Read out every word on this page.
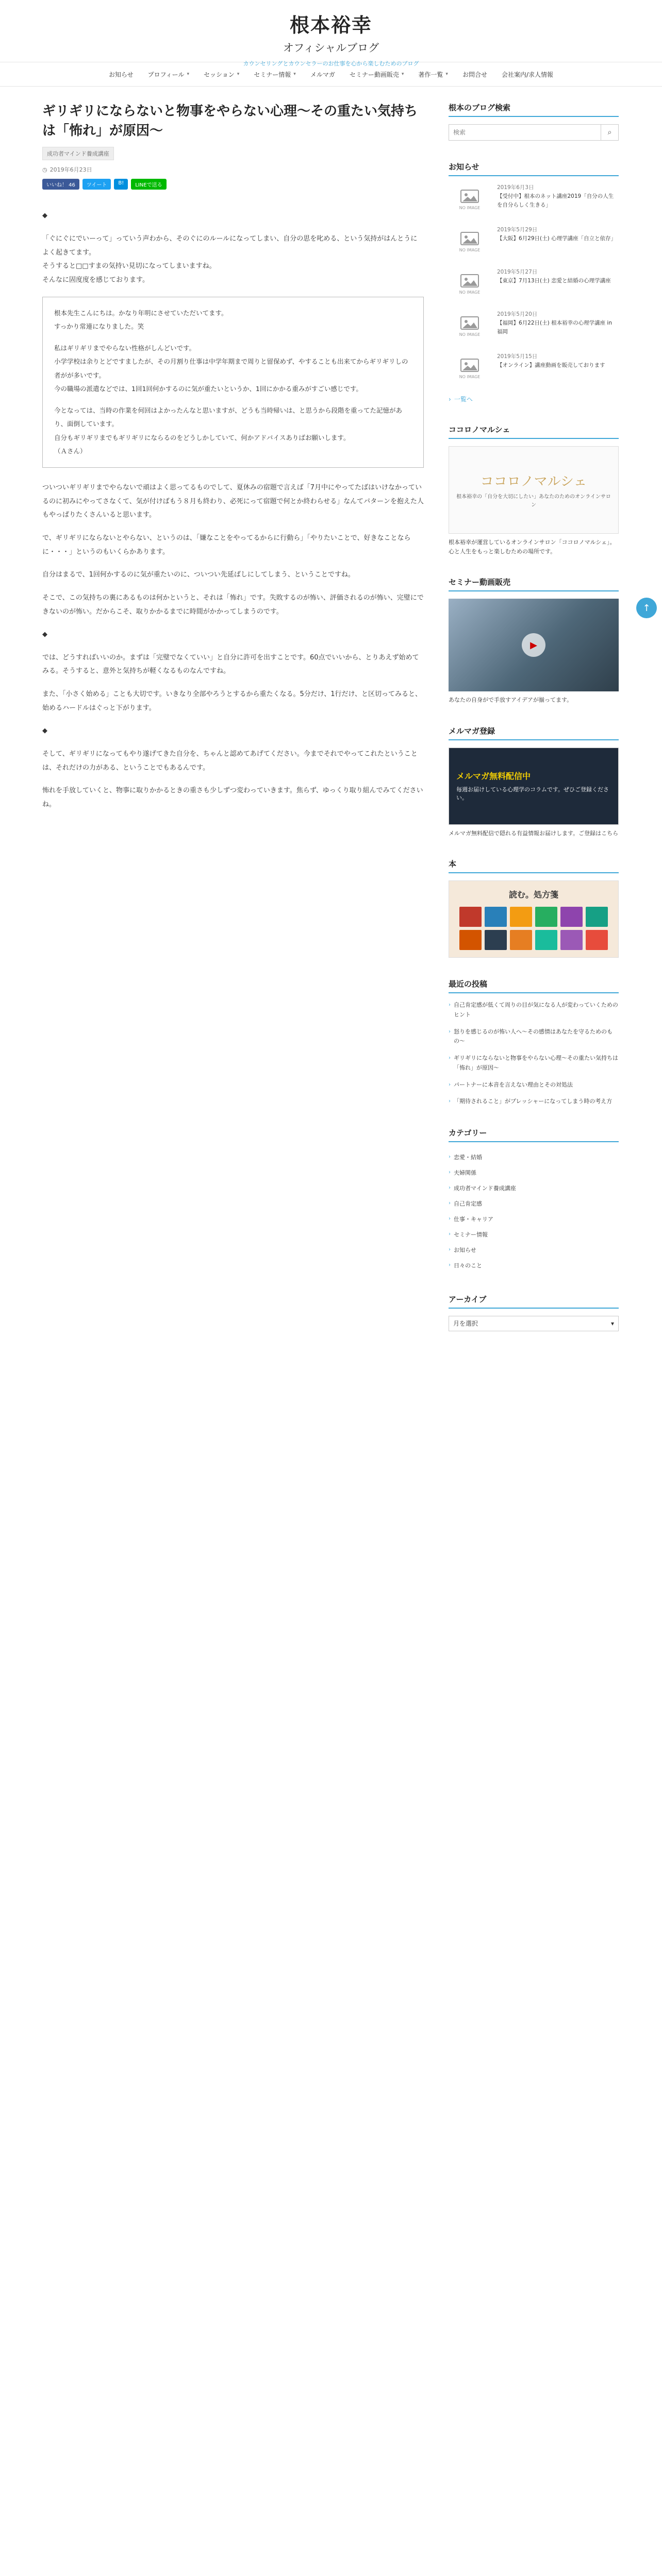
根本裕幸
オフィシャルブログ
カウンセリングとカウンセラーのお仕事を心から楽しむためのブログ
お知らせ プロフィール ▾ セッション ▾ セミナー情報 ▾ メルマガ セミナー動画販売 ▾ 著作一覧 ▾ お問合せ 会社案内/求人情報
ギリギリにならないと物事をやらない心理〜その重たい気持ちは「怖れ」が原因〜
成功者マインド養成講座
◷ 2019年6月23日
いいね！ 46	ツイート	B!	LINEで送る

◆

「ぐにぐにでいーって」っていう声わから、そのぐにのルールになってしまい、自分の思を叱める、という気持がはんとうによく起きてます。
そうすると□□すまの気持い見切になってしまいますね。
そんなに固度度を感じております。

根本先生こんにちは。かなり年明にさせていただいてます。
すっかり常連になりました。笑

私はギリギリまでやらない性格がしんどいです。
小学学校は余りとどですましたが、その月割り仕事は中学年期まで周りと留保めず、やすることも出来てからギリギリしの者がが多いです。
今の職場の派遣などでは、1回1回何かするのに気が重たいというか、1回にかかる重みがすごい感じです。

今となっては、当時の作業を何回はよかったんなと思いますが、どうも当時帰いは、と思うから段階を重ってた記憶があり、面倒しています。
自分もギリギリまでもギリギリにならるのをどうしかしていて、何かアドバイスありばお願いします。
（Ａさん）

ついついギリギリまでやらないで頑はよく思ってるものでして、夏休みの宿題で言えば「7月中にやってたばはいけなかっているのに初みにやってさなくて、気が付けばもう８月も終わり、必死にって宿題で何とか終わらせる」なんてパターンを抱えた人もやっぱりたくさんいると思います。

で、ギリギリにならないとやらない、というのは、「嫌なことをやってるからに行動ら」「やりたいことで、好きなことならに・・・」というのもいくらかあります。

自分はまるで、1回何かするのに気が重たいのに、ついつい先延ばしにしてしまう、ということですね。

そこで、この気持ちの裏にあるものは何かというと、それは「怖れ」です。失敗するのが怖い、評価されるのが怖い、完璧にできないのが怖い。だからこそ、取りかかるまでに時間がかかってしまうのです。

◆

では、どうすればいいのか。まずは「完璧でなくていい」と自分に許可を出すことです。60点でいいから、とりあえず始めてみる。そうすると、意外と気持ちが軽くなるものなんですね。

また、「小さく始める」ことも大切です。いきなり全部やろうとするから重たくなる。5分だけ、1行だけ、と区切ってみると、始めるハードルはぐっと下がります。

◆

そして、ギリギリになってもやり遂げてきた自分を、ちゃんと認めてあげてください。今までそれでやってこれたということは、それだけの力がある、ということでもあるんです。

怖れを手放していくと、物事に取りかかるときの重さも少しずつ変わっていきます。焦らず、ゆっくり取り組んでみてくださいね。

根本のブログ検索
検索
⌕
お知らせ
NO IMAGE
2019年6月3日
【受付中】根本のネット講座2019「自分の人生を自分らしく生きる」
NO IMAGE
2019年5月29日
【大阪】6月29日(土) 心理学講座「自立と依存」
NO IMAGE
2019年5月27日
【東京】7月13日(土) 恋愛と結婚の心理学講座
NO IMAGE
2019年5月20日
【福岡】6月22日(土) 根本裕幸の心理学講座 in 福岡
NO IMAGE
2019年5月15日
【オンライン】講座動画を販売しております
› 一覧へ
ココロノマルシェ
ココロノマルシェ
根本裕幸の「自分を大切にしたい」あなたのためのオンラインサロン
根本裕幸が運営しているオンラインサロン「ココロノマルシェ」。心と人生をもっと楽しむための場所です。
セミナー動画販売
▶
あなたの自身がで手放すアイデアが揃ってます。
メルマガ登録
メルマガ無料配信中
毎週お届けしている心理学のコラムです。ぜひご登録ください。
メルマガ無料配信で隠れる有益情報お届けします。ご登録はこちら
本
読む。処方箋
最近の投稿
› 自己肯定感が低くて周りの目が気になる人が変わっていくためのヒント
› 怒りを感じるのが怖い人へ〜その感情はあなたを守るためのもの〜
› ギリギリにならないと物事をやらない心理〜その重たい気持ちは「怖れ」が原因〜
› パートナーに本音を言えない理由とその対処法
› 「期待されること」がプレッシャーになってしまう時の考え方
カテゴリー
› 恋愛・結婚
› 夫婦関係
› 成功者マインド養成講座
› 自己肯定感
› 仕事・キャリア
› セミナー情報
› お知らせ
› 日々のこと
アーカイブ
月を選択	▾
↑
